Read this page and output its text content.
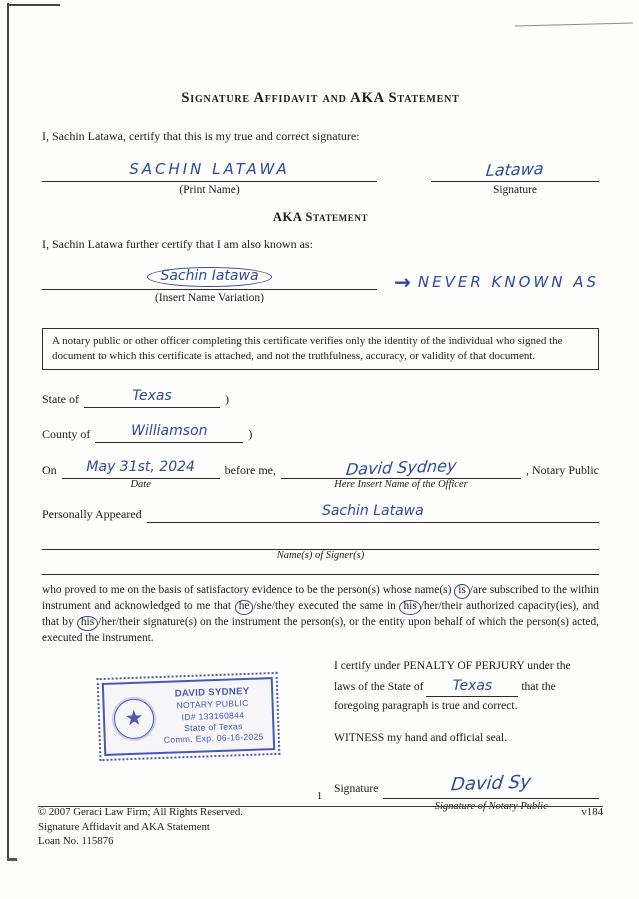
Signature Affidavit and AKA Statement

I, Sachin Latawa, certify that this is my true and correct signature:

SACHIN LATAWA
(Print Name)
Latawa
Signature
AKA Statement

I, Sachin Latawa further certify that I am also known as:

Sachin Iatawa
(Insert Name Variation)
→ NEVER KNOWN AS
A notary public or other officer completing this certificate verifies only the identity of the individual who signed the document to which this certificate is attached, and not the truthfulness, accuracy, or validity of that document.
State of	Texas	)
County of	Williamson	)
On	May 31st, 2024
Date
before me,	David Sydney
Here Insert Name of the Officer
, Notary Public
Personally Appeared	Sachin Latawa
Name(s) of Signer(s)

who proved to me on the basis of satisfactory evidence to be the person(s) whose name(s) is /are subscribed to the within instrument and acknowledged to me that he /she/they executed the same in his /her/their authorized capacity(ies), and that by his /her/their signature(s) on the instrument the person(s), or the entity upon behalf of which the person(s) acted, executed the instrument.

★
DAVID SYDNEY
NOTARY PUBLIC
ID# 133160844
State of Texas
Comm. Exp. 06-16-2025
I certify under PENALTY OF PERJURY under the
laws of the State of Texas	that the
foregoing paragraph is true and correct.

WITNESS my hand and official seal.

Signature	David Sy
Signature of Notary Public
1
© 2007 Geraci Law Firm; All Rights Reserved.
Signature Affidavit and AKA Statement
Loan No. 115876
v184
